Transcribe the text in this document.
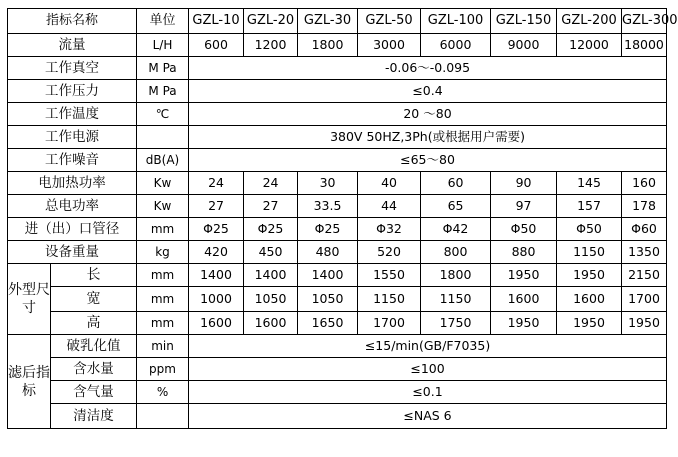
指标名称		单位	GZL-10	GZL-20	GZL-30	GZL-50	GZL-100	GZL-150	GZL-200	GZL-300
流量		L/H	600	1200	1800	3000	6000	9000	12000	18000
工作真空		M Pa	-0.06～-0.095							
工作压力		M Pa	≤0.4							
工作温度		℃	20 ～80							
工作电源			380V 50HZ,3Ph(或根据用户需要)							
工作噪音		dB(A)	≤65～80							
电加热功率		Kw	24	24	30	40	60	90	145	160
总电功率		Kw	27	27	33.5	44	65	97	157	178
进（出）口管径		mm	Φ25	Φ25	Φ25	Φ32	Φ42	Φ50	Φ50	Φ60
设备重量		kg	420	450	480	520	800	880	1150	1350
外型尺寸	长	mm	1400	1400	1400	1550	1800	1950	1950	2150
	宽	mm	1000	1050	1050	1150	1150	1600	1600	1700
	高	mm	1600	1600	1650	1700	1750	1950	1950	1950
滤后指标	破乳化值	min	≤15/min(GB/F7035)							
	含水量	ppm	≤100							
	含气量	%	≤0.1							
	清洁度		≤NAS 6							
